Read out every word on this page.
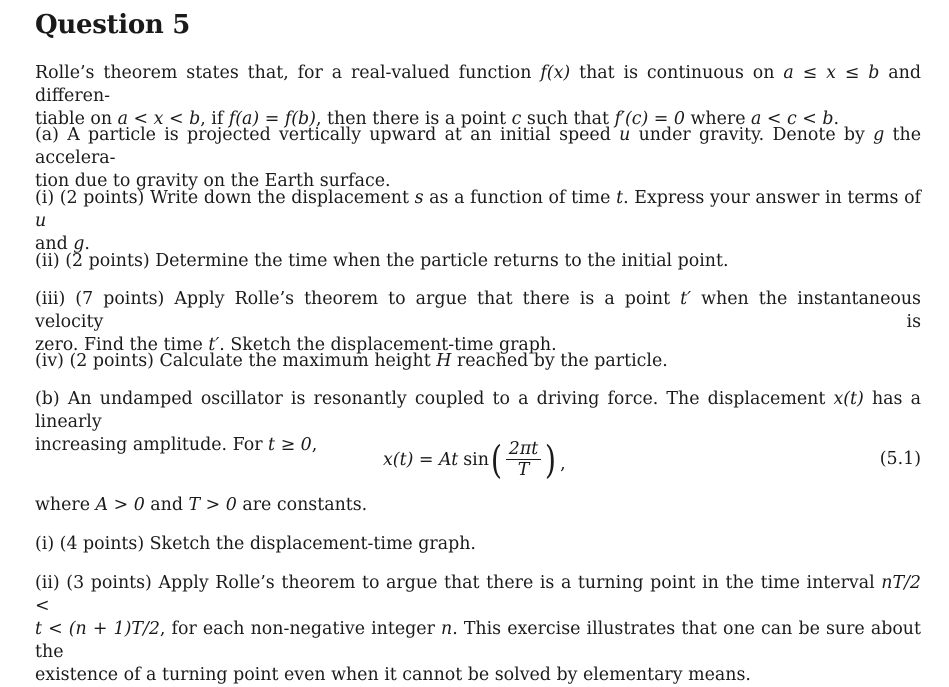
Question 5
Rolle’s theorem states that, for a real-valued function f(x) that is continuous on a ≤ x ≤ b and differen-
tiable on a < x < b, if f(a) = f(b), then there is a point c such that f′(c) = 0 where a < c < b.
(a) A particle is projected vertically upward at an initial speed u under gravity. Denote by g the accelera-
tion due to gravity on the Earth surface.
(i) (2 points) Write down the displacement s as a function of time t. Express your answer in terms of u
and g.
(ii) (2 points) Determine the time when the particle returns to the initial point.
(iii) (7 points) Apply Rolle’s theorem to argue that there is a point t′ when the instantaneous velocity is
zero. Find the time t′. Sketch the displacement-time graph.
(iv) (2 points) Calculate the maximum height H reached by the particle.
(b) An undamped oscillator is resonantly coupled to a driving force. The displacement x(t) has a linearly
increasing amplitude. For t ≥ 0,
x(t) = At sin ( $\frac{2\pi t}{T}$ ) ,	(5.1)
where A > 0 and T > 0 are constants.
(i) (4 points) Sketch the displacement-time graph.
(ii) (3 points) Apply Rolle’s theorem to argue that there is a turning point in the time interval nT/2 <
t < (n + 1)T/2, for each non-negative integer n. This exercise illustrates that one can be sure about the
existence of a turning point even when it cannot be solved by elementary means.
